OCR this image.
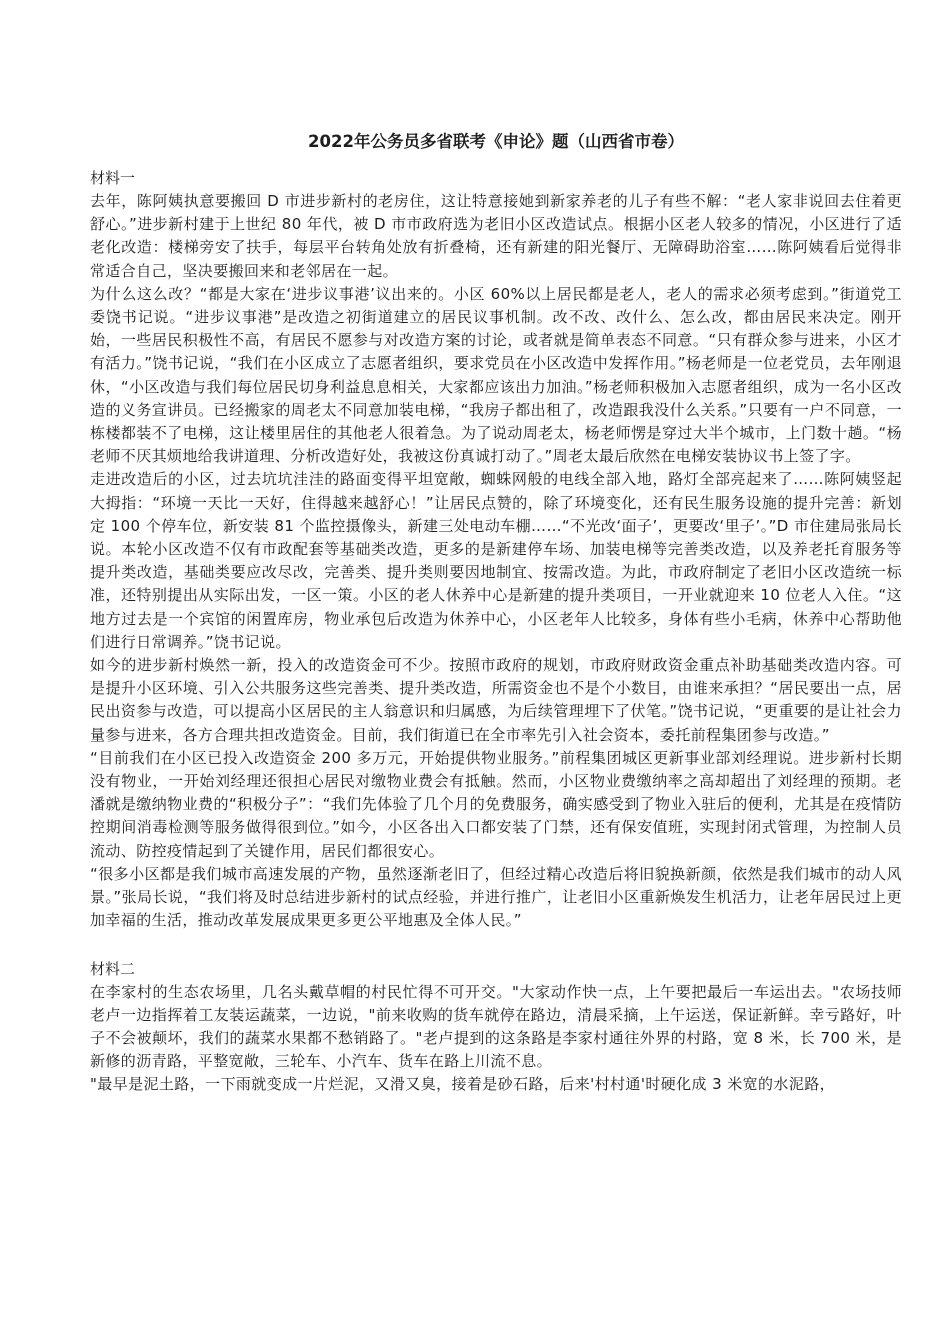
2022年公务员多省联考《申论》题（山西省市卷）

材料一

去年，陈阿姨执意要搬回 D 市进步新村的老房住，这让特意接她到新家养老的儿子有些不解：“老人家非说回去住着更舒心。”进步新村建于上世纪 80 年代，被 D 市市政府选为老旧小区改造试点。根据小区老人较多的情况，小区进行了适老化改造：楼梯旁安了扶手，每层平台转角处放有折叠椅，还有新建的阳光餐厅、无障碍助浴室……陈阿姨看后觉得非常适合自己，坚决要搬回来和老邻居在一起。

为什么这么改？“都是大家在‘进步议事港’议出来的。小区 60%以上居民都是老人，老人的需求必须考虑到。”街道党工委饶书记说。“进步议事港”是改造之初街道建立的居民议事机制。改不改、改什么、怎么改，都由居民来决定。刚开始，一些居民积极性不高，有居民不愿参与对改造方案的讨论，或者就是简单表态不同意。“只有群众参与进来，小区才有活力。”饶书记说，“我们在小区成立了志愿者组织，要求党员在小区改造中发挥作用。”杨老师是一位老党员，去年刚退休，“小区改造与我们每位居民切身利益息息相关，大家都应该出力加油。”杨老师积极加入志愿者组织，成为一名小区改造的义务宣讲员。已经搬家的周老太不同意加装电梯，“我房子都出租了，改造跟我没什么关系。”只要有一户不同意，一栋楼都装不了电梯，这让楼里居住的其他老人很着急。为了说动周老太，杨老师愣是穿过大半个城市，上门数十趟。“杨老师不厌其烦地给我讲道理、分析改造好处，我被这份真诚打动了。”周老太最后欣然在电梯安装协议书上签了字。

走进改造后的小区，过去坑坑洼洼的路面变得平坦宽敞，蜘蛛网般的电线全部入地，路灯全部亮起来了……陈阿姨竖起大拇指：“环境一天比一天好，住得越来越舒心！”让居民点赞的，除了环境变化，还有民生服务设施的提升完善：新划定 100 个停车位，新安装 81 个监控摄像头，新建三处电动车棚……“不光改‘面子’，更要改‘里子’。”D 市住建局张局长说。本轮小区改造不仅有市政配套等基础类改造，更多的是新建停车场、加装电梯等完善类改造，以及养老托育服务等提升类改造，基础类要应改尽改，完善类、提升类则要因地制宜、按需改造。为此，市政府制定了老旧小区改造统一标准，还特别提出从实际出发，一区一策。小区的老人休养中心是新建的提升类项目，一开业就迎来 10 位老人入住。“这地方过去是一个宾馆的闲置库房，物业承包后改造为休养中心，小区老年人比较多，身体有些小毛病，休养中心帮助他们进行日常调养。”饶书记说。

如今的进步新村焕然一新，投入的改造资金可不少。按照市政府的规划，市政府财政资金重点补助基础类改造内容。可是提升小区环境、引入公共服务这些完善类、提升类改造，所需资金也不是个小数目，由谁来承担？“居民要出一点，居民出资参与改造，可以提高小区居民的主人翁意识和归属感，为后续管理埋下了伏笔。”饶书记说，“更重要的是让社会力量参与进来，各方合理共担改造资金。目前，我们街道已在全市率先引入社会资本，委托前程集团参与改造。”

“目前我们在小区已投入改造资金 200 多万元，开始提供物业服务。”前程集团城区更新事业部刘经理说。进步新村长期没有物业，一开始刘经理还很担心居民对缴物业费会有抵触。然而，小区物业费缴纳率之高却超出了刘经理的预期。老潘就是缴纳物业费的“积极分子”：“我们先体验了几个月的免费服务，确实感受到了物业入驻后的便利，尤其是在疫情防控期间消毒检测等服务做得很到位。”如今，小区各出入口都安装了门禁，还有保安值班，实现封闭式管理，为控制人员流动、防控疫情起到了关键作用，居民们都很安心。

“很多小区都是我们城市高速发展的产物，虽然逐渐老旧了，但经过精心改造后将旧貌换新颜，依然是我们城市的动人风景。”张局长说，“我们将及时总结进步新村的试点经验，并进行推广，让老旧小区重新焕发生机活力，让老年居民过上更加幸福的生活，推动改革发展成果更多更公平地惠及全体人民。”

材料二

在李家村的生态农场里，几名头戴草帽的村民忙得不可开交。"大家动作快一点，上午要把最后一车运出去。"农场技师老卢一边指挥着工友装运蔬菜，一边说，"前来收购的货车就停在路边，清晨采摘，上午运送，保证新鲜。幸亏路好，叶子不会被颠坏，我们的蔬菜水果都不愁销路了。"老卢提到的这条路是李家村通往外界的村路，宽 8 米，长 700 米，是新修的沥青路，平整宽敞，三轮车、小汽车、货车在路上川流不息。

"最早是泥土路，一下雨就变成一片烂泥，又滑又臭，接着是砂石路，后来'村村通'时硬化成 3 米宽的水泥路，
